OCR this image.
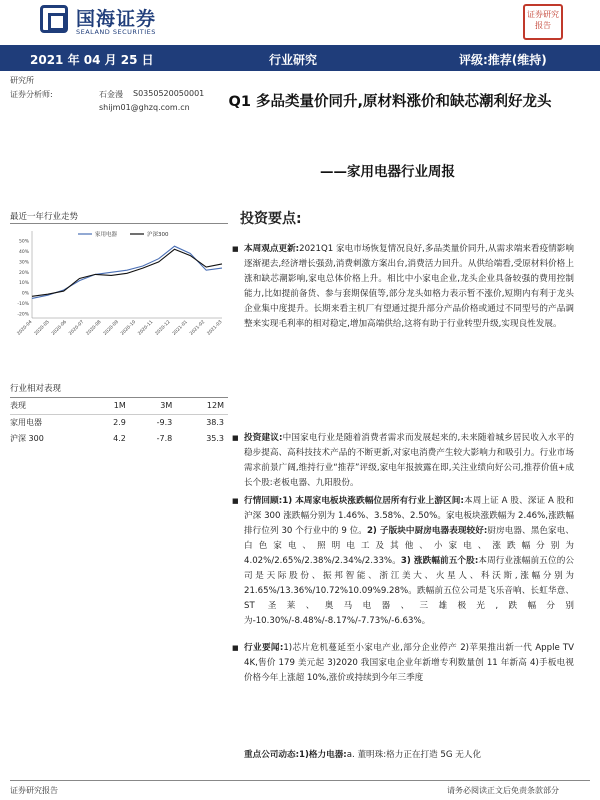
国海证券
SEALAND SECURITIES
证券研究报告
2021 年 04 月 25 日	行业研究	评级:推荐(维持)
研究所
证券分析师:	石金漫 S0350520050001
shijm01@ghzq.com.cn	Q1 多品类量价同升,原材料涨价和缺芯潮利好龙头
——家用电器行业周报
最近一年行业走势
50%
40%
30%
20%
10%
0%
-10%
-20%
2020-04 2020-05 2020-06 2020-07 2020-08 2020-09 2020-10 2020-11 2020-12 2021-01 2021-02 2021-03
家用电器	沪深300
行业相对表现
表现	1M	3M	12M
家用电器	2.9	-9.3	38.3
沪深 300	4.2	-7.8	35.3
投资要点:
■ 本周观点更新:2021Q1 家电市场恢复情况良好,多品类量价同升,从需求端来看疫情影响逐渐褪去,经济增长强劲,消费刺激方案出台,消费活力回升。从供给端看,受原材料价格上涨和缺芯潮影响,家电总体价格上升。相比中小家电企业,龙头企业具备较强的费用控制能力,比如提前备货、参与套期保值等,部分龙头如格力表示暂不涨价,短期内有利于龙头企业集中度提升。长期来看主机厂有望通过提升部分产品价格或通过不同型号的产品调整来实现毛利率的相对稳定,增加高端供给,这将有助于行业转型升级,实现良性发展。
■ 投资建议:中国家电行业是随着消费者需求而发展起来的,未来随着城乡居民收入水平的稳步提高、高科技技术产品的不断更新,对家电消费产生较大影响力和吸引力。行业市场需求前景广阔,维持行业“推荐”评级,家电年报披露在即,关注业绩向好公司,推荐价值+成长个股:老板电器、九阳股份。
■ 行情回顾:1) 本周家电板块涨跌幅位居所有行业上游区间:本周上证 A 股、深证 A 股和沪深 300 涨跌幅分别为 1.46%、3.58%、2.50%。家电板块涨跌幅为 2.46%,涨跌幅排行位列 30 个行业中的 9 位。2) 子版块中厨房电器表现较好:厨房电器、黑色家电、白色家电、照明电工及其他、小家电、涨跌幅分别为 4.02%/2.65%/2.38%/2.34%/2.33%。3) 涨跌幅前五个股:本周行业涨幅前五位的公司是天际股份、振邦智能、浙江美大、火星人、科沃斯,涨幅分别为 21.65%/13.36%/10.72%10.09%9.28%。跌幅前五位公司是飞乐音响、长虹华意、ST 圣莱、奥马电器、三雄极光,跌幅分别为-10.30%/-8.48%/-8.17%/-7.73%/-6.63%。
■ 行业要闻:1)芯片危机蔓延至小家电产业,部分企业停产 2)苹果推出新一代 Apple TV 4K,售价 179 美元起 3)2020 我国家电企业年新增专利数量创 11 年新高 4)手板电视价格今年上涨超 10%,涨价或持续到今年三季度
■ 重点公司动态:1)格力电器:a. 董明珠:格力正在打造 5G 无人化
证券研究报告	请务必阅读正文后免责条款部分
